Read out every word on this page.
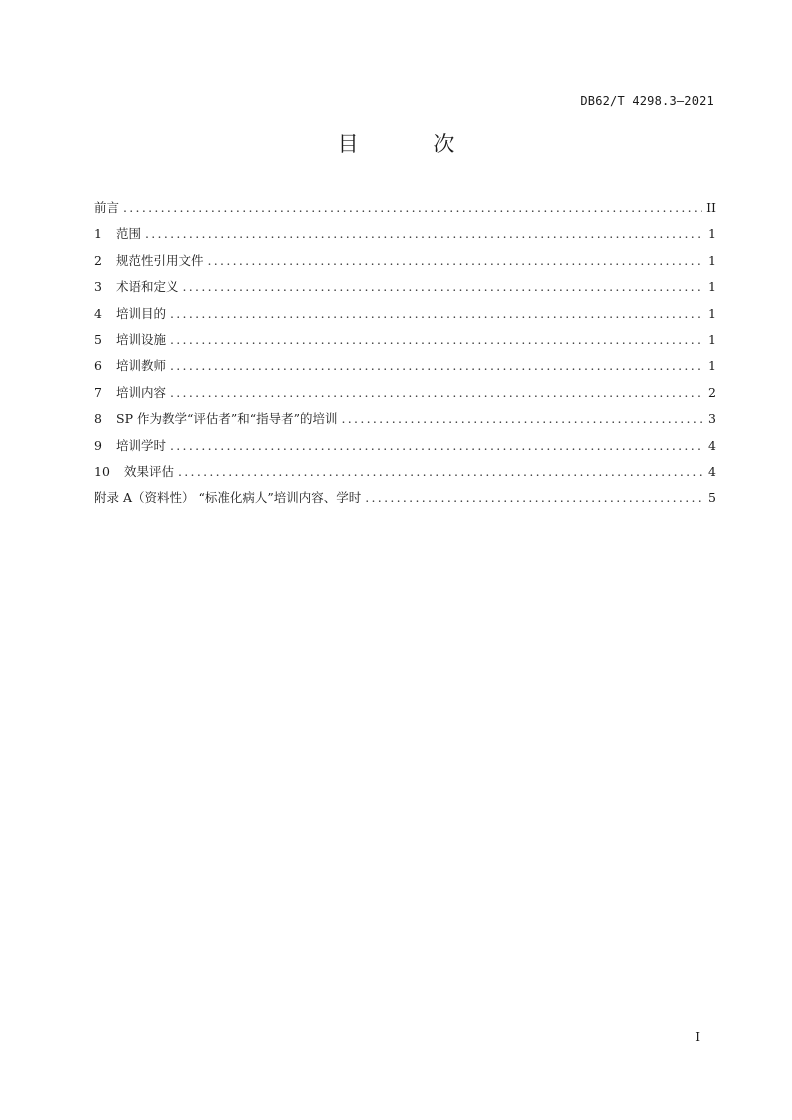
DB62/T 4298.3—2021
目 次
前言 .....	II
1	范围 .....	1
2	规范性引用文件 .....	1
3	术语和定义 .....	1
4	培训目的 .....	1
5	培训设施 .....	1
6	培训教师 .....	1
7	培训内容 .....	2
8	SP 作为教学“评估者”和“指导者”的培训 .....	3
9	培训学时 .....	4
10	效果评估 .....	4
附录 A（资料性） “标准化病人”培训内容、学时 .....	5
I
